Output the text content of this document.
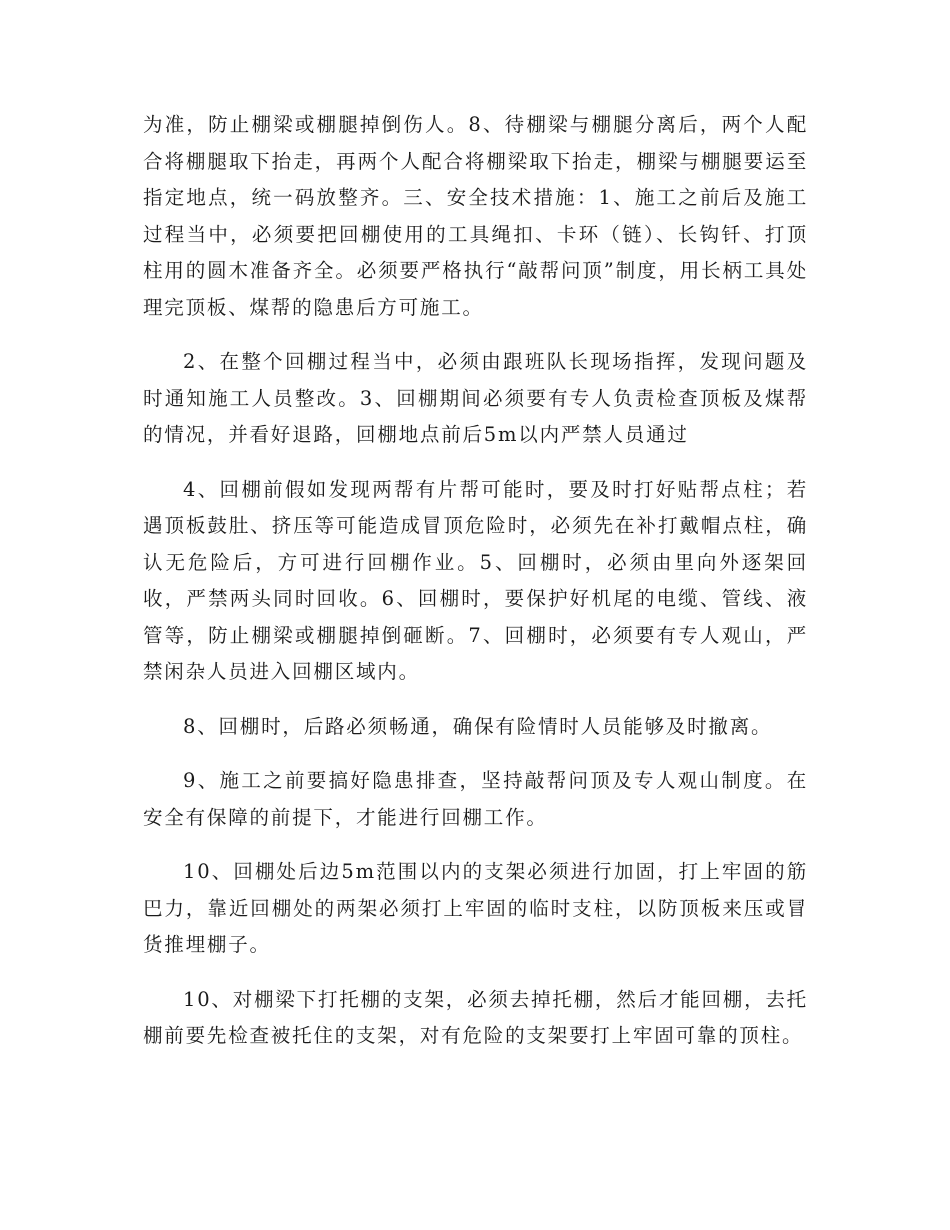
为准，防止棚梁或棚腿掉倒伤人。8、待棚梁与棚腿分离后，两个人配合将棚腿取下抬走，再两个人配合将棚梁取下抬走，棚梁与棚腿要运至指定地点，统一码放整齐。三、安全技术措施：1、施工之前后及施工过程当中，必须要把回棚使用的工具绳扣、卡环（链）、长钩钎、打顶柱用的圆木准备齐全。必须要严格执行“敲帮问顶”制度，用长柄工具处理完顶板、煤帮的隐患后方可施工。

2、在整个回棚过程当中，必须由跟班队长现场指挥，发现问题及时通知施工人员整改。3、回棚期间必须要有专人负责检查顶板及煤帮的情况，并看好退路，回棚地点前后5m以内严禁人员通过

4、回棚前假如发现两帮有片帮可能时，要及时打好贴帮点柱；若遇顶板鼓肚、挤压等可能造成冒顶危险时，必须先在补打戴帽点柱，确认无危险后，方可进行回棚作业。5、回棚时，必须由里向外逐架回收，严禁两头同时回收。6、回棚时，要保护好机尾的电缆、管线、液管等，防止棚梁或棚腿掉倒砸断。7、回棚时，必须要有专人观山，严禁闲杂人员进入回棚区域内。

8、回棚时，后路必须畅通，确保有险情时人员能够及时撤离。

9、施工之前要搞好隐患排查，坚持敲帮问顶及专人观山制度。在安全有保障的前提下，才能进行回棚工作。

10、回棚处后边5m范围以内的支架必须进行加固，打上牢固的筋巴力，靠近回棚处的两架必须打上牢固的临时支柱，以防顶板来压或冒货推埋棚子。

10、对棚梁下打托棚的支架，必须去掉托棚，然后才能回棚，去托棚前要先检查被托住的支架，对有危险的支架要打上牢固可靠的顶柱。
